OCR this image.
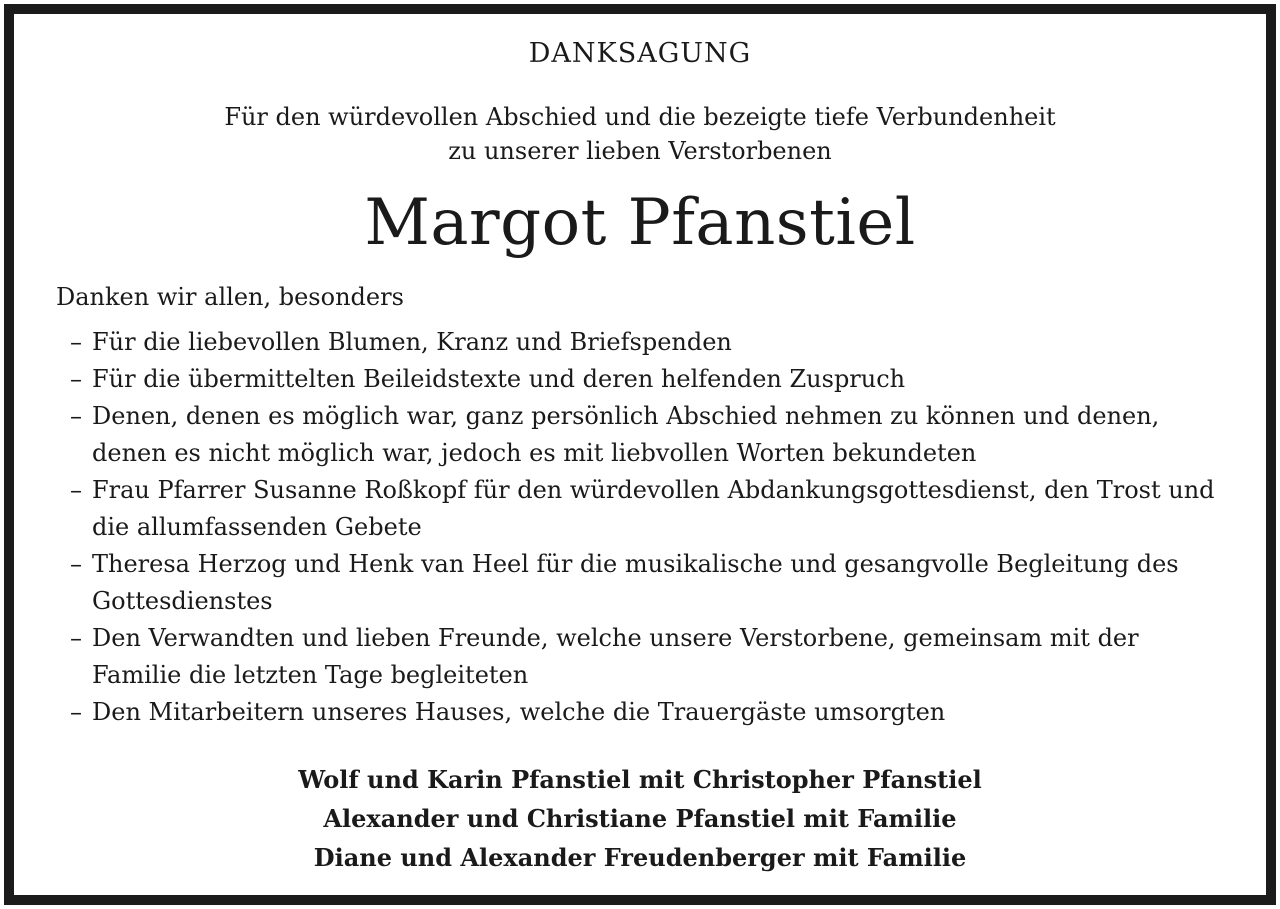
DANKSAGUNG
Für den würdevollen Abschied und die bezeigte tiefe Verbundenheit
zu unserer lieben Verstorbenen
Margot Pfanstiel
Danken wir allen, besonders
– Für die liebevollen Blumen, Kranz und Briefspenden
– Für die übermittelten Beileidstexte und deren helfenden Zuspruch
– Denen, denen es möglich war, ganz persönlich Abschied nehmen zu können und denen, denen es nicht möglich war, jedoch es mit liebvollen Worten bekundeten
– Frau Pfarrer Susanne Roßkopf für den würdevollen Abdankungsgottesdienst, den Trost und die allumfassenden Gebete
– Theresa Herzog und Henk van Heel für die musikalische und gesangvolle Begleitung des Gottesdienstes
– Den Verwandten und lieben Freunde, welche unsere Verstorbene, gemeinsam mit der Familie die letzten Tage begleiteten
– Den Mitarbeitern unseres Hauses, welche die Trauergäste umsorgten
Wolf und Karin Pfanstiel mit Christopher Pfanstiel
Alexander und Christiane Pfanstiel mit Familie
Diane und Alexander Freudenberger mit Familie
